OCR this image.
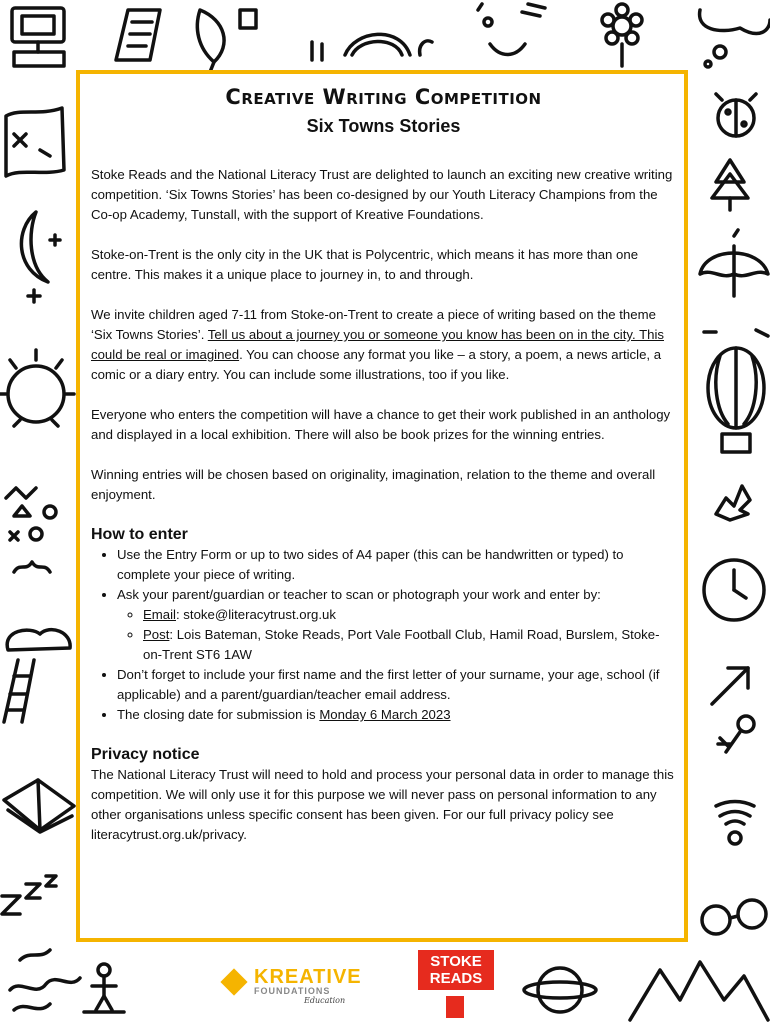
Creative Writing Competition
Six Towns Stories

Stoke Reads and the National Literacy Trust are delighted to launch an exciting new creative writing competition. ‘Six Towns Stories’ has been co-designed by our Youth Literacy Champions from the Co-op Academy, Tunstall, with the support of Kreative Foundations.

Stoke-on-Trent is the only city in the UK that is Polycentric, which means it has more than one centre. This makes it a unique place to journey in, to and through.

We invite children aged 7-11 from Stoke-on-Trent to create a piece of writing based on the theme ‘Six Towns Stories’. Tell us about a journey you or someone you know has been on in the city. This could be real or imagined. You can choose any format you like – a story, a poem, a news article, a comic or a diary entry. You can include some illustrations, too if you like.

Everyone who enters the competition will have a chance to get their work published in an anthology and displayed in a local exhibition. There will also be book prizes for the winning entries.

Winning entries will be chosen based on originality, imagination, relation to the theme and overall enjoyment.

How to enter
• Use the Entry Form or up to two sides of A4 paper (this can be handwritten or typed) to complete your piece of writing.
• Ask your parent/guardian or teacher to scan or photograph your work and enter by:
◦ Email: stoke@literacytrust.org.uk
◦ Post: Lois Bateman, Stoke Reads, Port Vale Football Club, Hamil Road, Burslem, Stoke-on-Trent ST6 1AW
• Don’t forget to include your first name and the first letter of your surname, your age, school (if applicable) and a parent/guardian/teacher email address.
• The closing date for submission is Monday 6 March 2023
Privacy notice

The National Literacy Trust will need to hold and process your personal data in order to manage this competition. We will only use it for this purpose we will never pass on personal information to any other organisations unless specific consent has been given. For our full privacy policy see literacytrust.org.uk/privacy.

KREATIVE
FOUNDATIONS
Education
STOKE
READS
